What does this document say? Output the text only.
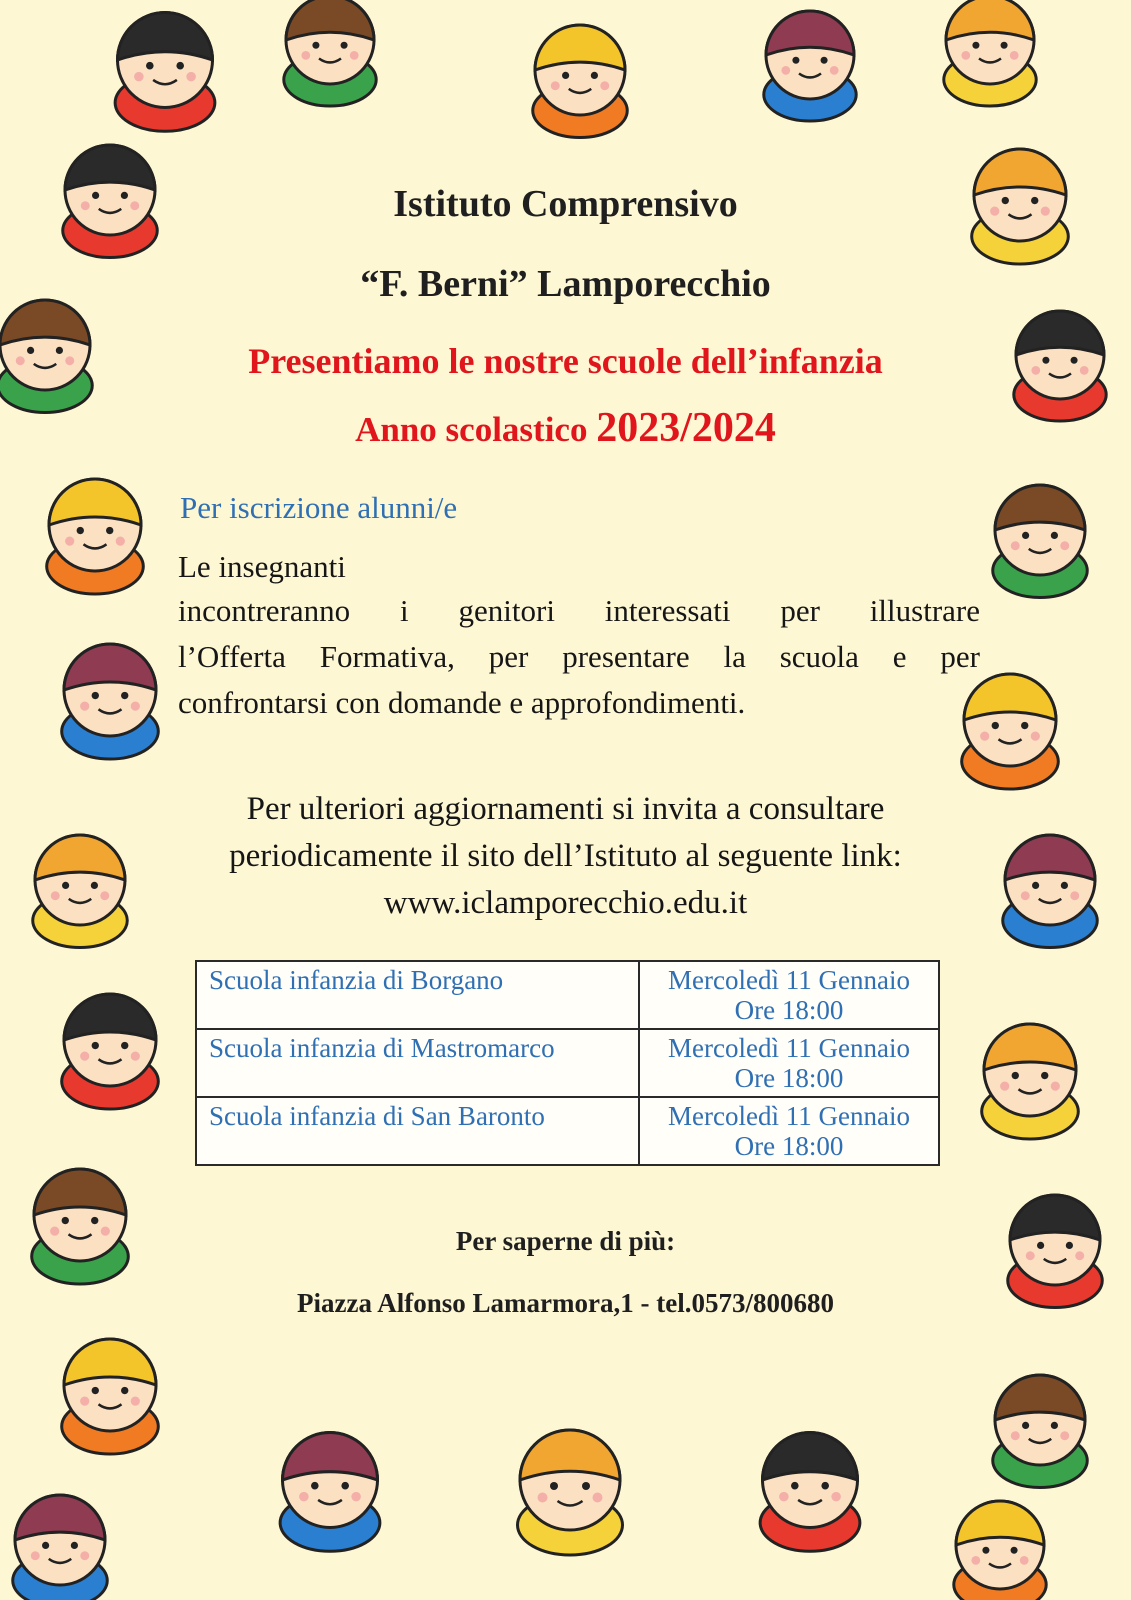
Istituto Comprensivo

“F. Berni” Lamporecchio

Presentiamo le nostre scuole dell’infanzia

Anno scolastico 2023/2024

Per iscrizione alunni/e

Le insegnanti

incontreranno i genitori interessati per illustrare

l’Offerta Formativa, per presentare la scuola e per

confrontarsi con domande e approfondimenti.

Per ulteriori aggiornamenti si invita a consultare

periodicamente il sito dell’Istituto al seguente link:

www.iclamporecchio.edu.it

Scuola infanzia di Borgano	Mercoledì 11 Gennaio
Ore 18:00

Scuola infanzia di Mastromarco	Mercoledì 11 Gennaio
Ore 18:00

Scuola infanzia di San Baronto	Mercoledì 11 Gennaio
Ore 18:00

Per saperne di più:

Piazza Alfonso Lamarmora,1 - tel.0573/800680
